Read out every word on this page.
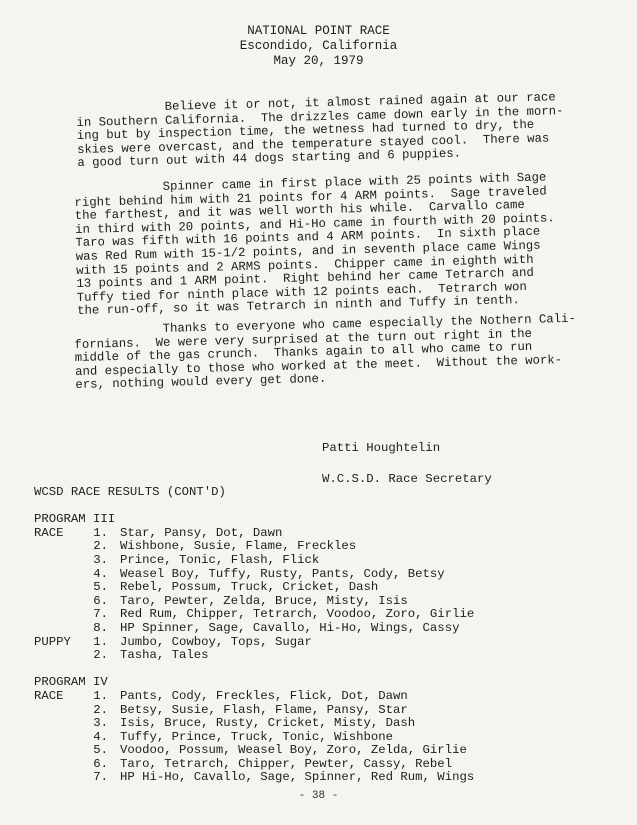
NATIONAL POINT RACE
Escondido, California
May 20, 1979
Believe it or not, it almost rained again at our race
in Southern California.  The drizzles came down early in the morn-
ing but by inspection time, the wetness had turned to dry, the
skies were overcast, and the temperature stayed cool.  There was
a good turn out with 44 dogs starting and 6 puppies.
Spinner came in first place with 25 points with Sage
right behind him with 21 points for 4 ARM points.  Sage traveled
the farthest, and it was well worth his while.  Carvallo came
in third with 20 points, and Hi-Ho came in fourth with 20 points.
Taro was fifth with 16 points and 4 ARM points.  In sixth place
was Red Rum with 15-1/2 points, and in seventh place came Wings
with 15 points and 2 ARMS points.  Chipper came in eighth with
13 points and 1 ARM point.  Right behind her came Tetrarch and
Tuffy tied for ninth place with 12 points each.  Tetrarch won
the run-off, so it was Tetrarch in ninth and Tuffy in tenth.
Thanks to everyone who came especially the Nothern Cali-
fornians.  We were very surprised at the turn out right in the
middle of the gas crunch.  Thanks again to all who came to run
and especially to those who worked at the meet.  Without the work-
ers, nothing would every get done.
Patti Houghtelin
W.C.S.D. Race Secretary
WCSD RACE RESULTS (CONT'D)
PROGRAM III
RACE 1. Star, Pansy, Dot, Dawn
2. Wishbone, Susie, Flame, Freckles
3. Prince, Tonic, Flash, Flick
4. Weasel Boy, Tuffy, Rusty, Pants, Cody, Betsy
5. Rebel, Possum, Truck, Cricket, Dash
6. Taro, Pewter, Zelda, Bruce, Misty, Isis
7. Red Rum, Chipper, Tetrarch, Voodoo, Zoro, Girlie
8. HP Spinner, Sage, Cavallo, Hi-Ho, Wings, Cassy
PUPPY 1. Jumbo, Cowboy, Tops, Sugar
2. Tasha, Tales
PROGRAM IV
RACE 1. Pants, Cody, Freckles, Flick, Dot, Dawn
2. Betsy, Susie, Flash, Flame, Pansy, Star
3. Isis, Bruce, Rusty, Cricket, Misty, Dash
4. Tuffy, Prince, Truck, Tonic, Wishbone
5. Voodoo, Possum, Weasel Boy, Zoro, Zelda, Girlie
6. Taro, Tetrarch, Chipper, Pewter, Cassy, Rebel
7. HP Hi-Ho, Cavallo, Sage, Spinner, Red Rum, Wings
- 38 -
